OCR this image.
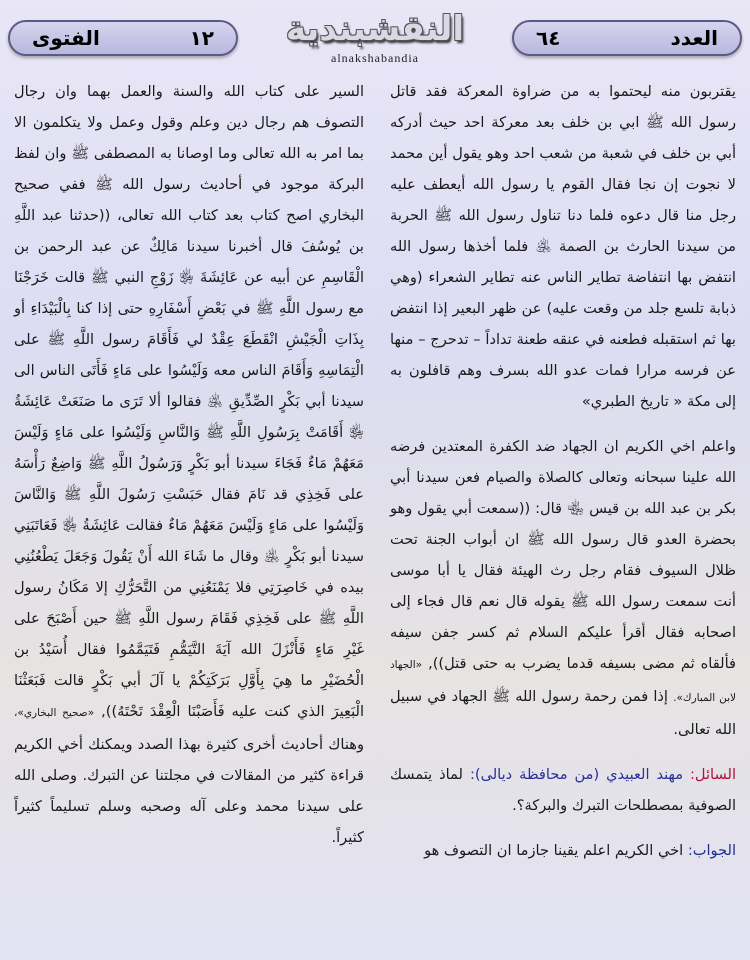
العدد
٦٤
النقشبندية
alnakshabandia
١٢
الفتوى

يقتربون منه ليحتموا به من ضراوة المعركة فقد قاتل رسول الله ﷺ ابي بن خلف بعد معركة احد حيث أدركه أبي بن خلف في شعبة من شعب احد وهو يقول أين محمد لا نجوت إن نجا فقال القوم يا رسول الله أيعطف عليه رجل منا قال دعوه فلما دنا تناول رسول الله ﷺ الحربة من سيدنا الحارث بن الصمة ﵁ فلما أخذها رسول الله انتفض بها انتفاضة تطاير الناس عنه تطاير الشعراء (وهي ذبابة تلسع جلد من وقعت عليه) عن ظهر البعير إذا انتفض بها ثم استقبله فطعنه في عنقه طعنة تداداً – تدحرج – منها عن فرسه مرارا فمات عدو الله بسرف وهم قافلون به إلى مكة « تاريخ الطبري»

واعلم اخي الكريم ان الجهاد ضد الكفرة المعتدين فرضه الله علينا سبحانه وتعالى كالصلاة والصيام فعن سيدنا أبي بكر بن عبد الله بن قيس ﵄ قال: ((سمعت أبي يقول وهو بحضرة العدو قال رسول الله ﷺ ان أبواب الجنة تحت ظلال السيوف فقام رجل رث الهيئة فقال يا أبا موسى أنت سمعت رسول الله ﷺ يقوله قال نعم قال فجاء إلى اصحابه فقال أقرأ عليكم السلام ثم كسر جفن سيفه فألقاه ثم مضى بسيفه قدما يضرب به حتى قتل)), «الجهاد لابن المبارك». إذا فمن رحمة رسول الله ﷺ الجهاد في سبيل الله تعالى.

السائل: مهند العبيدي (من محافظة ديالى): لماذ يتمسك الصوفية بمصطلحات التبرك والبركة؟.

الجواب: اخي الكريم اعلم يقينا جازما ان التصوف هو

السير على كتاب الله والسنة والعمل بهما وان رجال التصوف هم رجال دين وعلم وقول وعمل ولا يتكلمون الا بما امر به الله تعالى وما اوصانا به المصطفى ﷺ وان لفظ البركة موجود في أحاديث رسول الله ﷺ ففي صحيح البخاري اصح كتاب بعد كتاب الله تعالى، ((حدثنا عبد اللَّهِ بن يُوسُفَ قال أخبرنا سيدنا مَالِكٌ عن عبد الرحمن بن الْقَاسِمِ عن أبيه عن عَائِشَةَ ﵂ زَوْجِ النبي ﷺ قالت خَرَجْنَا مع رسول اللَّهِ ﷺ في بَعْضِ أَسْفَارِهِ حتى إذا كنا بِالْبَيْدَاءِ أو بِذَاتِ الْجَيْشِ انْقَطَعَ عِقْدٌ لي فَأَقَامَ رسول اللَّهِ ﷺ على الْتِمَاسِهِ وَأَقَامَ الناس معه وَلَيْسُوا على مَاءٍ فَأَتَى الناس الى سيدنا أبي بَكْرٍ الصِّدِّيقِ ﵁ فقالوا ألا تَرَى ما صَنَعَتْ عَائِشَةُ ﵂ أَقَامَتْ بِرَسُولِ اللَّهِ ﷺ وَالنَّاسِ وَلَيْسُوا على مَاءٍ وَلَيْسَ مَعَهُمْ مَاءٌ فَجَاءَ سيدنا أبو بَكْرٍ وَرَسُولُ اللَّهِ ﷺ وَاضِعٌ رَأْسَهُ على فَخِذِي قد نَامَ فقال حَبَسْتِ رَسُولَ اللَّهِ ﷺ وَالنَّاسَ وَلَيْسُوا على مَاءٍ وَلَيْسَ مَعَهُمْ مَاءٌ فقالت عَائِشَةُ ﵂ فَعَاتَبَنِي سيدنا أبو بَكْرٍ ﵁ وقال ما شَاءَ الله أَنْ يَقُولَ وَجَعَلَ يَطْعُنُنِي بيده في خَاصِرَتِي فلا يَمْنَعُنِي من التَّحَرُّكِ إلا مَكَانُ رسول اللَّهِ ﷺ على فَخِذِي فَقَامَ رسول اللَّهِ ﷺ حين أَصْبَحَ على غَيْرِ مَاءٍ فَأَنْزَلَ الله آيَةَ التَّيَمُّمِ فَتَيَمَّمُوا فقال أُسَيْدُ بن الْحُضَيْرِ ما هِيَ بِأَوَّلِ بَرَكَتِكُمْ يا آلَ أبي بَكْرٍ قالت فَبَعَثْنَا الْبَعِيرَ الذي كنت عليه فَأَصَبْنَا الْعِقْدَ تَحْتَهُ)), «صحيح البخاري»، وهناك أحاديث أخرى كثيرة بهذا الصدد ويمكنك أخي الكريم قراءة كثير من المقالات في مجلتنا عن التبرك. وصلى الله على سيدنا محمد وعلى آله وصحبه وسلم تسليماً كثيراً كثيراً.
